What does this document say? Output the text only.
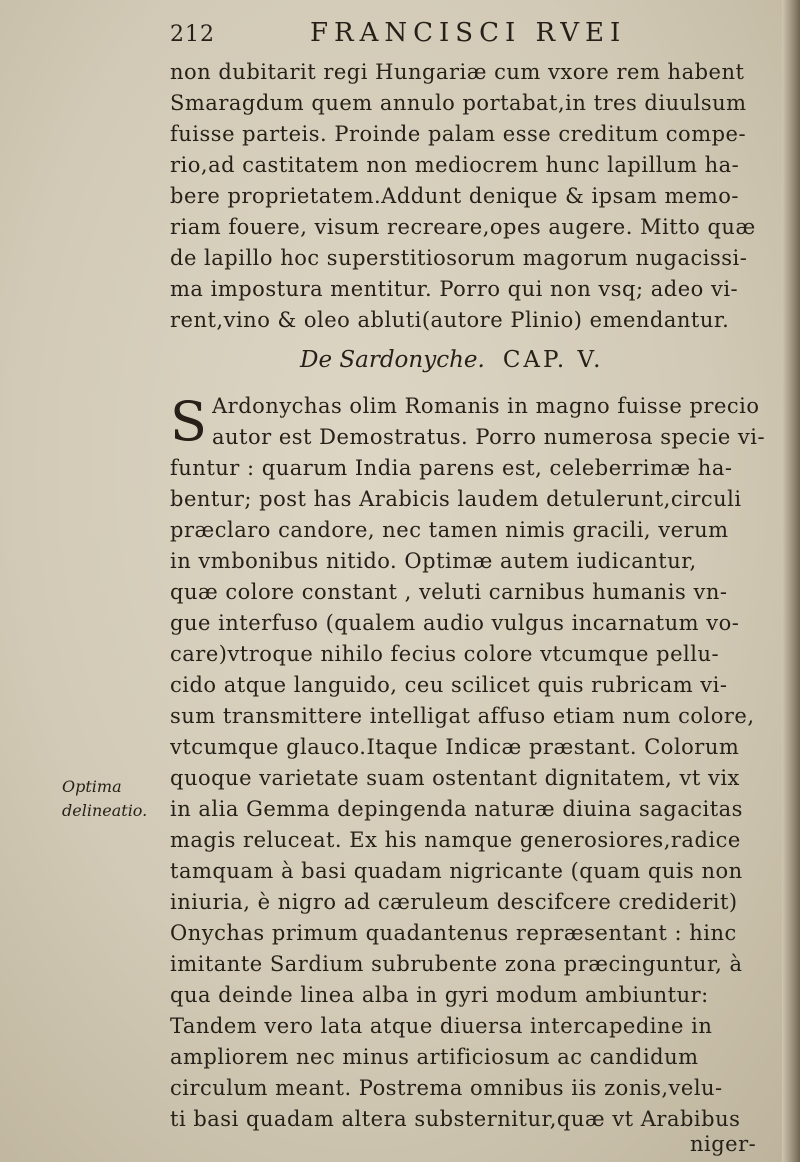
212	FRANCISCI RVEI
non dubitarit regi Hungariæ cum vxore rem habent
Smaragdum quem annulo portabat,in tres diuulsum
fuisse parteis. Proinde palam esse creditum compe-
rio,ad castitatem non mediocrem hunc lapillum ha-
bere proprietatem.Addunt denique & ipsam memo-
riam fouere, visum recreare,opes augere. Mitto quæ
de lapillo hoc superstitiosorum magorum nugacissi-
ma impostura mentitur. Porro qui non vsq; adeo vi-
rent,vino & oleo abluti(autore Plinio) emendantur.
De Sardonyche. CAP. V.
S Ardonychas olim Romanis in magno fuisse precio
autor est Demostratus. Porro numerosa specie vi-
funtur : quarum India parens est, celeberrimæ ha-
bentur; post has Arabicis laudem detulerunt,circuli
præclaro candore, nec tamen nimis gracili, verum
in vmbonibus nitido. Optimæ autem iudicantur,
quæ colore constant , veluti carnibus humanis vn-
gue interfuso (qualem audio vulgus incarnatum vo-
care)vtroque nihilo fecius colore vtcumque pellu-
cido atque languido, ceu scilicet quis rubricam vi-
sum transmittere intelligat affuso etiam num colore,
vtcumque glauco.Itaque Indicæ præstant. Colorum
quoque varietate suam ostentant dignitatem, vt vix
in alia Gemma depingenda naturæ diuina sagacitas
magis reluceat. Ex his namque generosiores,radice
tamquam à basi quadam nigricante (quam quis non
iniuria, è nigro ad cæruleum descifcere crediderit)
Onychas primum quadantenus repræsentant : hinc
imitante Sardium subrubente zona præcinguntur, à
qua deinde linea alba in gyri modum ambiuntur:
Tandem vero lata atque diuersa intercapedine in
ampliorem nec minus artificiosum ac candidum
circulum meant. Postrema omnibus iis zonis,velu-
ti basi quadam altera substernitur,quæ vt Arabibus
niger-
Optima
delineatio.
